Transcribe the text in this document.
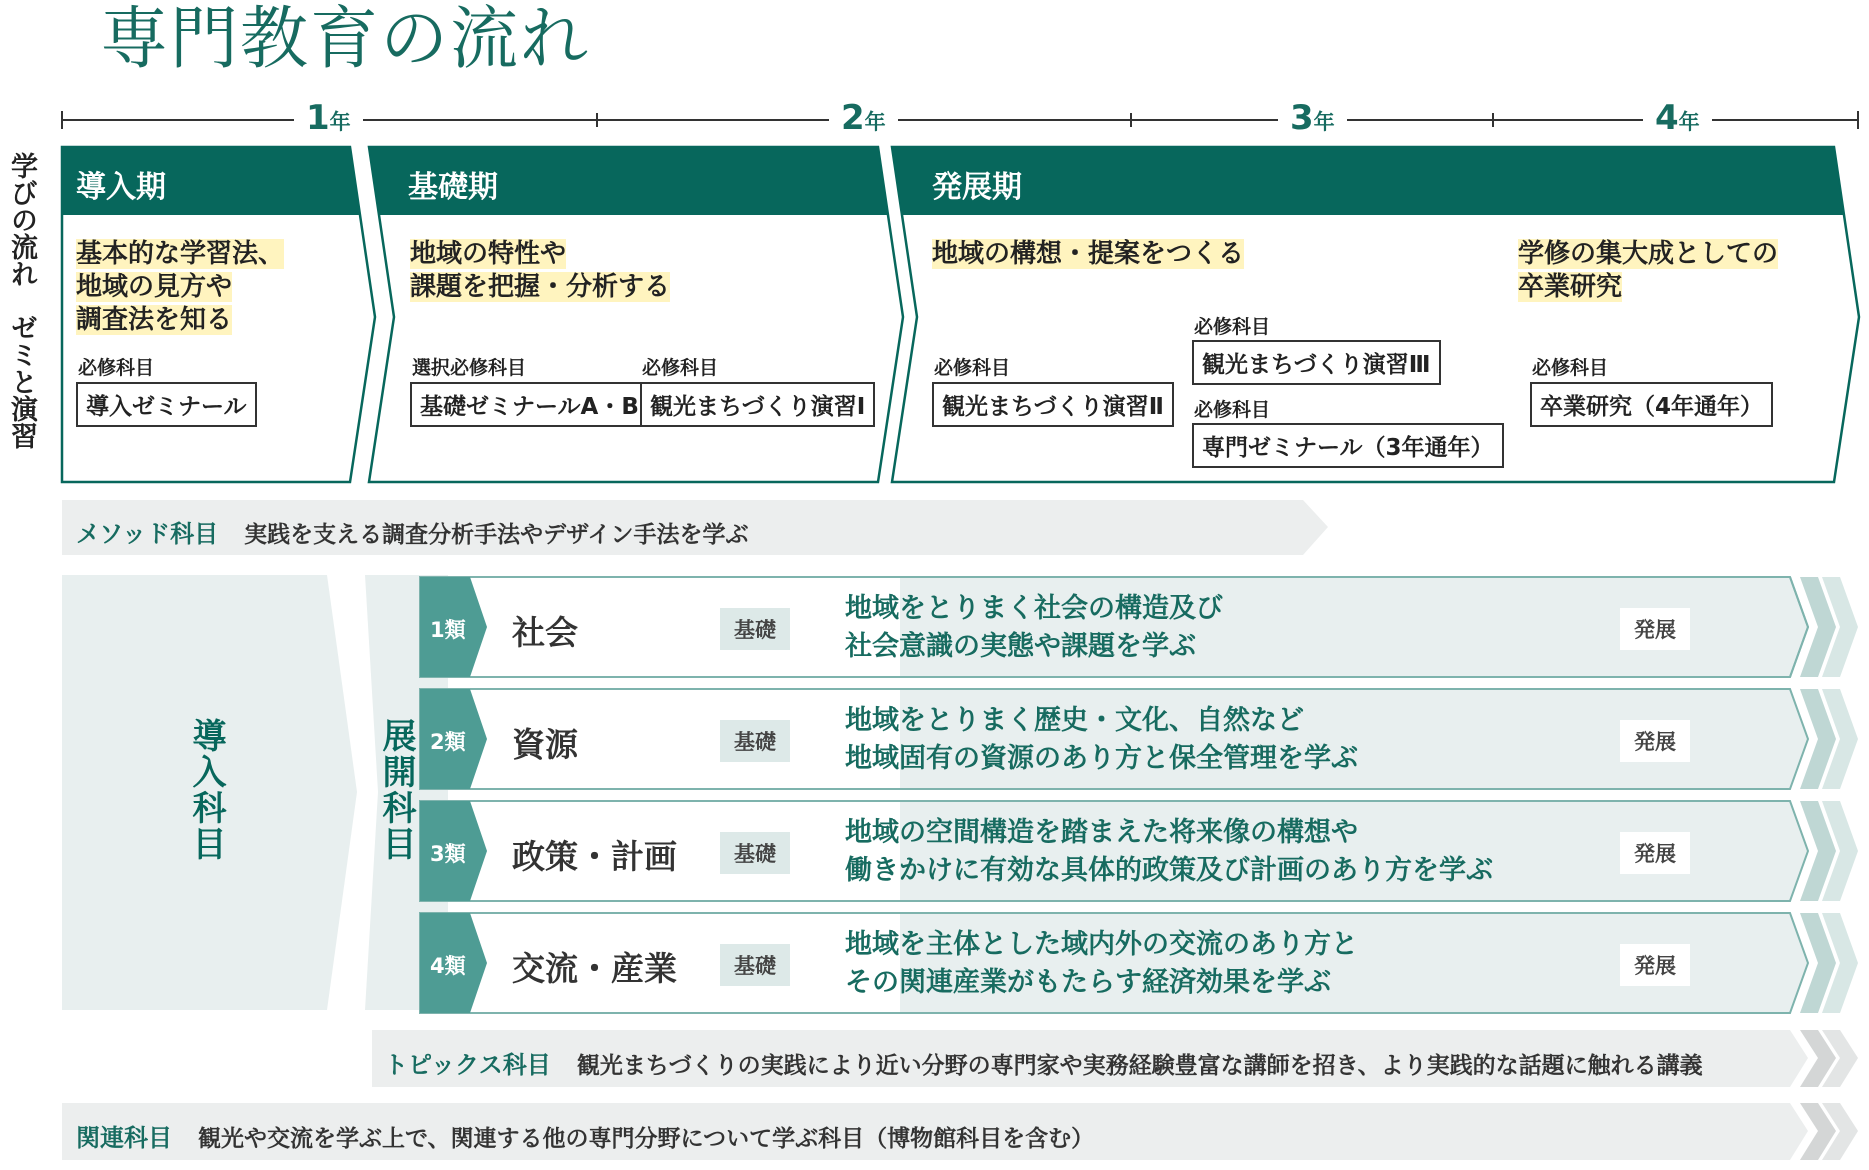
専門教育の流れ
1年	2年	3年	4年
学びの流れ　ゼミと演習 導入期	基礎期	発展期
基本的な学習法、
地域の見方や
調査法を知る
必修科目
導入ゼミナール
地域の特性や
課題を把握・分析する
選択必修科目
基礎ゼミナールA・B
必修科目
観光まちづくり演習Ⅰ
地域の構想・提案をつくる	学修の集大成としての
卒業研究
必修科目
観光まちづくり演習Ⅱ
必修科目
観光まちづくり演習Ⅲ
必修科目
専門ゼミナール（3年通年）
必修科目
卒業研究（4年通年）
メソッド科目 実践を支える調査分析手法やデザイン手法を学ぶ
導入科目	展開科目
1類 社会	基礎
地域をとりまく社会の構造及び
社会意識の実態や課題を学ぶ
発展
2類 資源	基礎
地域をとりまく歴史・文化、自然など
地域固有の資源のあり方と保全管理を学ぶ
発展
3類 政策・計画	基礎
地域の空間構造を踏まえた将来像の構想や
働きかけに有効な具体的政策及び計画のあり方を学ぶ
発展
4類 交流・産業	基礎
地域を主体とした域内外の交流のあり方と
その関連産業がもたらす経済効果を学ぶ
発展
トピックス科目 観光まちづくりの実践により近い分野の専門家や実務経験豊富な講師を招き、より実践的な話題に触れる講義
関連科目 観光や交流を学ぶ上で、関連する他の専門分野について学ぶ科目（博物館科目を含む）
